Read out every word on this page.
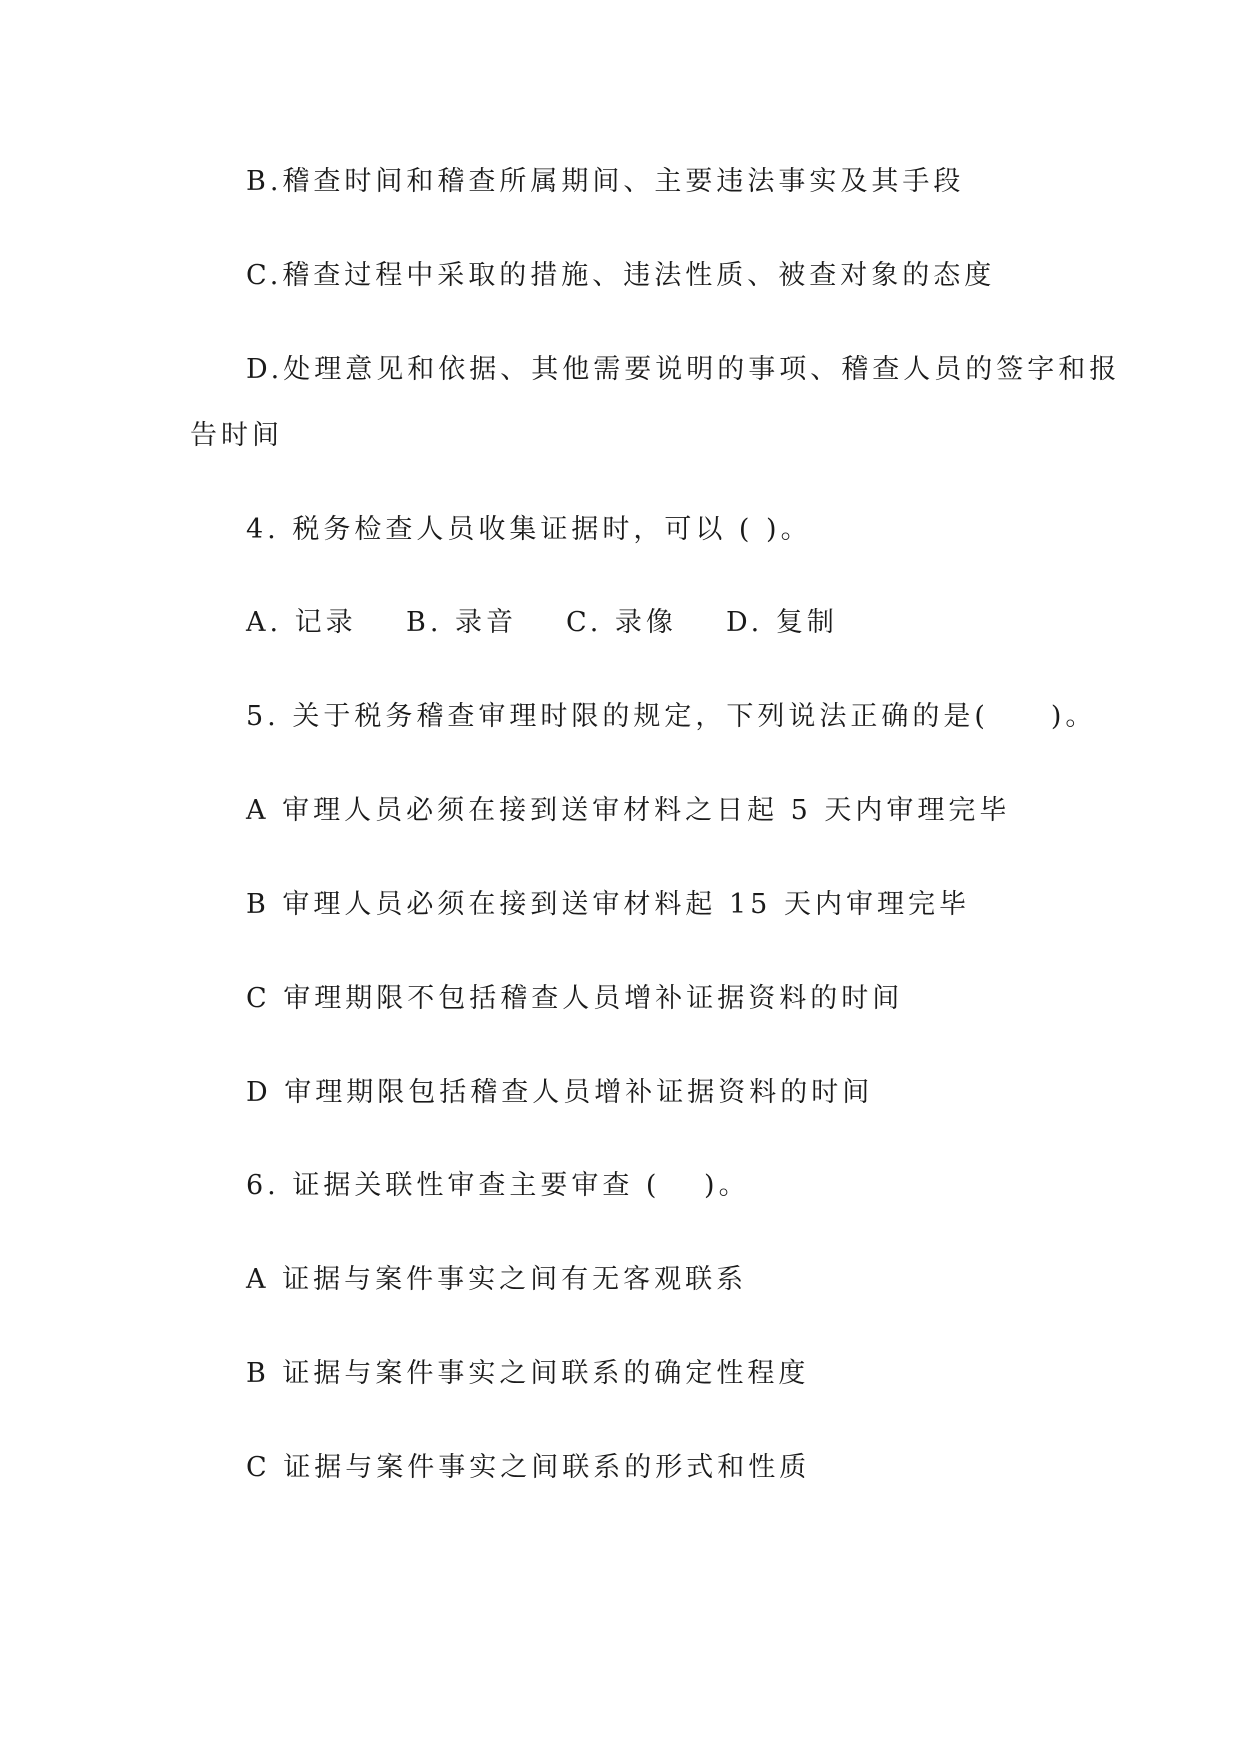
B.稽查时间和稽查所属期间、主要违法事实及其手段
C.稽查过程中采取的措施、违法性质、被查对象的态度
D.处理意见和依据、其他需要说明的事项、稽查人员的签字和报
告时间
4. 税务检查人员收集证据时，可以 ( )。
A. 记录 B. 录音 C. 录像 D. 复制
5. 关于税务稽查审理时限的规定，下列说法正确的是(　　)。
A 审理人员必须在接到送审材料之日起 5 天内审理完毕
B 审理人员必须在接到送审材料起 15 天内审理完毕
C 审理期限不包括稽查人员增补证据资料的时间
D 审理期限包括稽查人员增补证据资料的时间
6. 证据关联性审查主要审查 (　 )。
A 证据与案件事实之间有无客观联系
B 证据与案件事实之间联系的确定性程度
C 证据与案件事实之间联系的形式和性质
